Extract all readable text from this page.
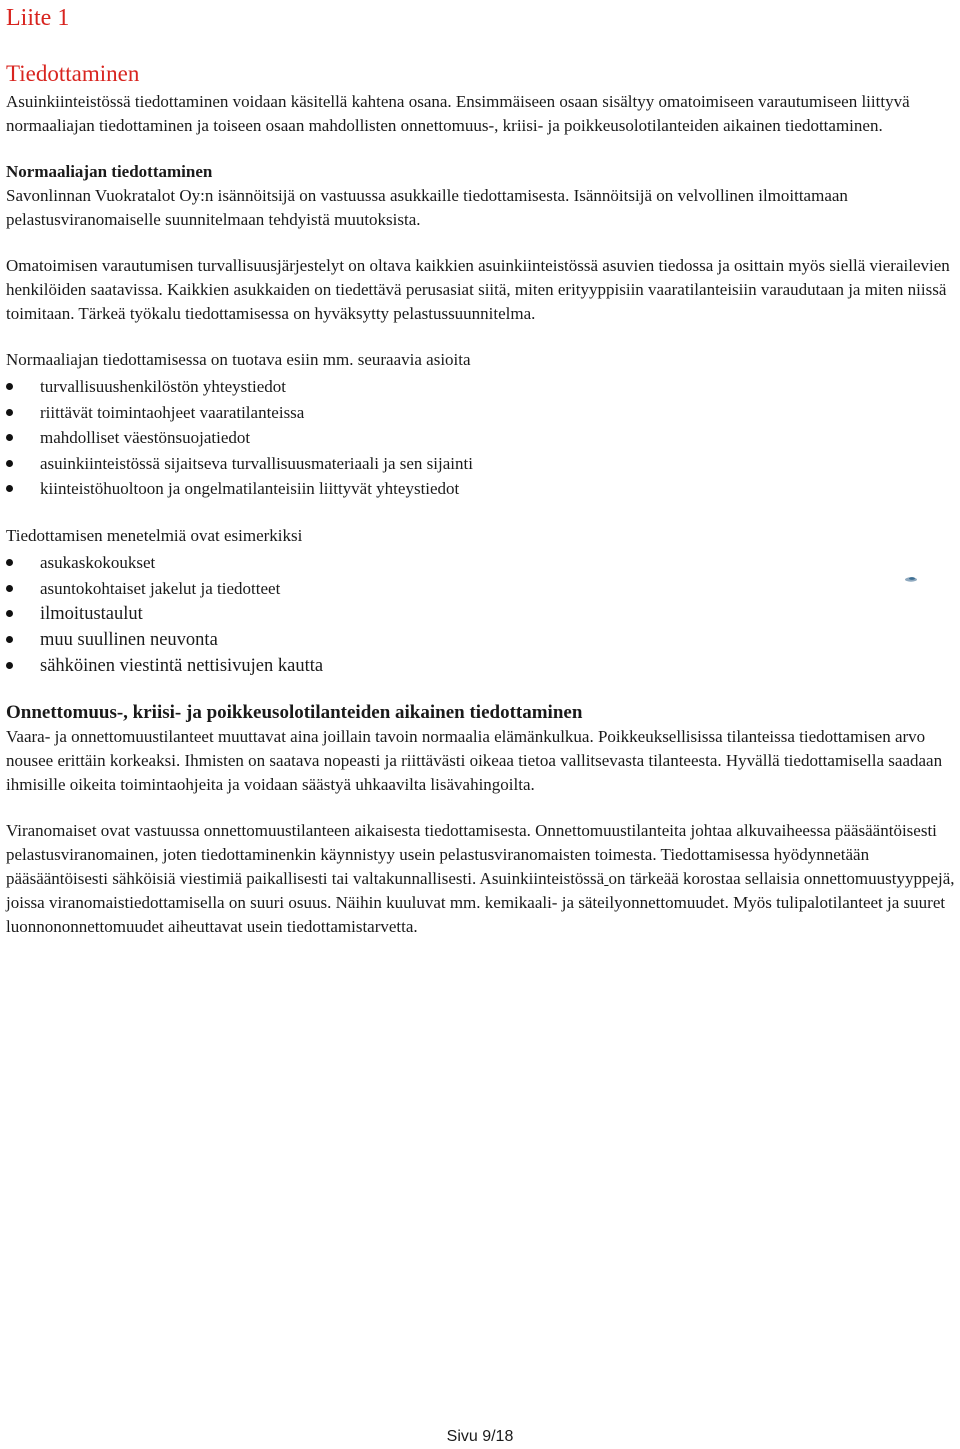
Liite 1
Tiedottaminen

Asuinkiinteistössä tiedottaminen voidaan käsitellä kahtena osana. Ensimmäiseen osaan sisältyy omatoimiseen varautumiseen liittyvä normaaliajan tiedottaminen ja toiseen osaan mahdollisten onnettomuus-, kriisi- ja poikkeusolotilanteiden aikainen tiedottaminen.

Normaaliajan tiedottaminen

Savonlinnan Vuokratalot Oy:n isännöitsijä on vastuussa asukkaille tiedottamisesta. Isännöitsijä on velvollinen ilmoittamaan pelastusviranomaiselle suunnitelmaan tehdyistä muutoksista.

Omatoimisen varautumisen turvallisuusjärjestelyt on oltava kaikkien asuinkiinteistössä asuvien tiedossa ja osittain myös siellä vierailevien henkilöiden saatavissa. Kaikkien asukkaiden on tiedettävä perusasiat siitä, miten erityyppisiin vaaratilanteisiin varaudutaan ja miten niissä toimitaan. Tärkeä työkalu tiedottamisessa on hyväksytty pelastussuunnitelma.

Normaaliajan tiedottamisessa on tuotava esiin mm. seuraavia asioita

turvallisuushenkilöstön yhteystiedot
riittävät toimintaohjeet vaaratilanteissa
mahdolliset väestönsuojatiedot
asuinkiinteistössä sijaitseva turvallisuusmateriaali ja sen sijainti
kiinteistöhuoltoon ja ongelmatilanteisiin liittyvät yhteystiedot

Tiedottamisen menetelmiä ovat esimerkiksi

asukaskokoukset
asuntokohtaiset jakelut ja tiedotteet
ilmoitustaulut
muu suullinen neuvonta
sähköinen viestintä nettisivujen kautta

Onnettomuus-, kriisi- ja poikkeusolotilanteiden aikainen tiedottaminen

Vaara- ja onnettomuustilanteet muuttavat aina joillain tavoin normaalia elämänkulkua. Poikkeuksellisissa tilanteissa tiedottamisen arvo nousee erittäin korkeaksi. Ihmisten on saatava nopeasti ja riittävästi oikeaa tietoa vallitsevasta tilanteesta. Hyvällä tiedottamisella saadaan ihmisille oikeita toimintaohjeita ja voidaan säästyä uhkaavilta lisävahingoilta.

Viranomaiset ovat vastuussa onnettomuustilanteen aikaisesta tiedottamisesta. Onnettomuustilanteita johtaa alkuvaiheessa pääsääntöisesti pelastusviranomainen, joten tiedottaminenkin käynnistyy usein pelastusviranomaisten toimesta. Tiedottamisessa hyödynnetään pääsääntöisesti sähköisiä viestimiä paikallisesti tai valtakunnallisesti. Asuinkiinteistössä on tärkeää korostaa sellaisia onnettomuustyyppejä, joissa viranomaistiedottamisella on suuri osuus. Näihin kuuluvat mm. kemikaali- ja säteilyonnettomuudet. Myös tulipalotilanteet ja suuret luonnononnettomuudet aiheuttavat usein tiedottamistarvetta.

Sivu 9/18
